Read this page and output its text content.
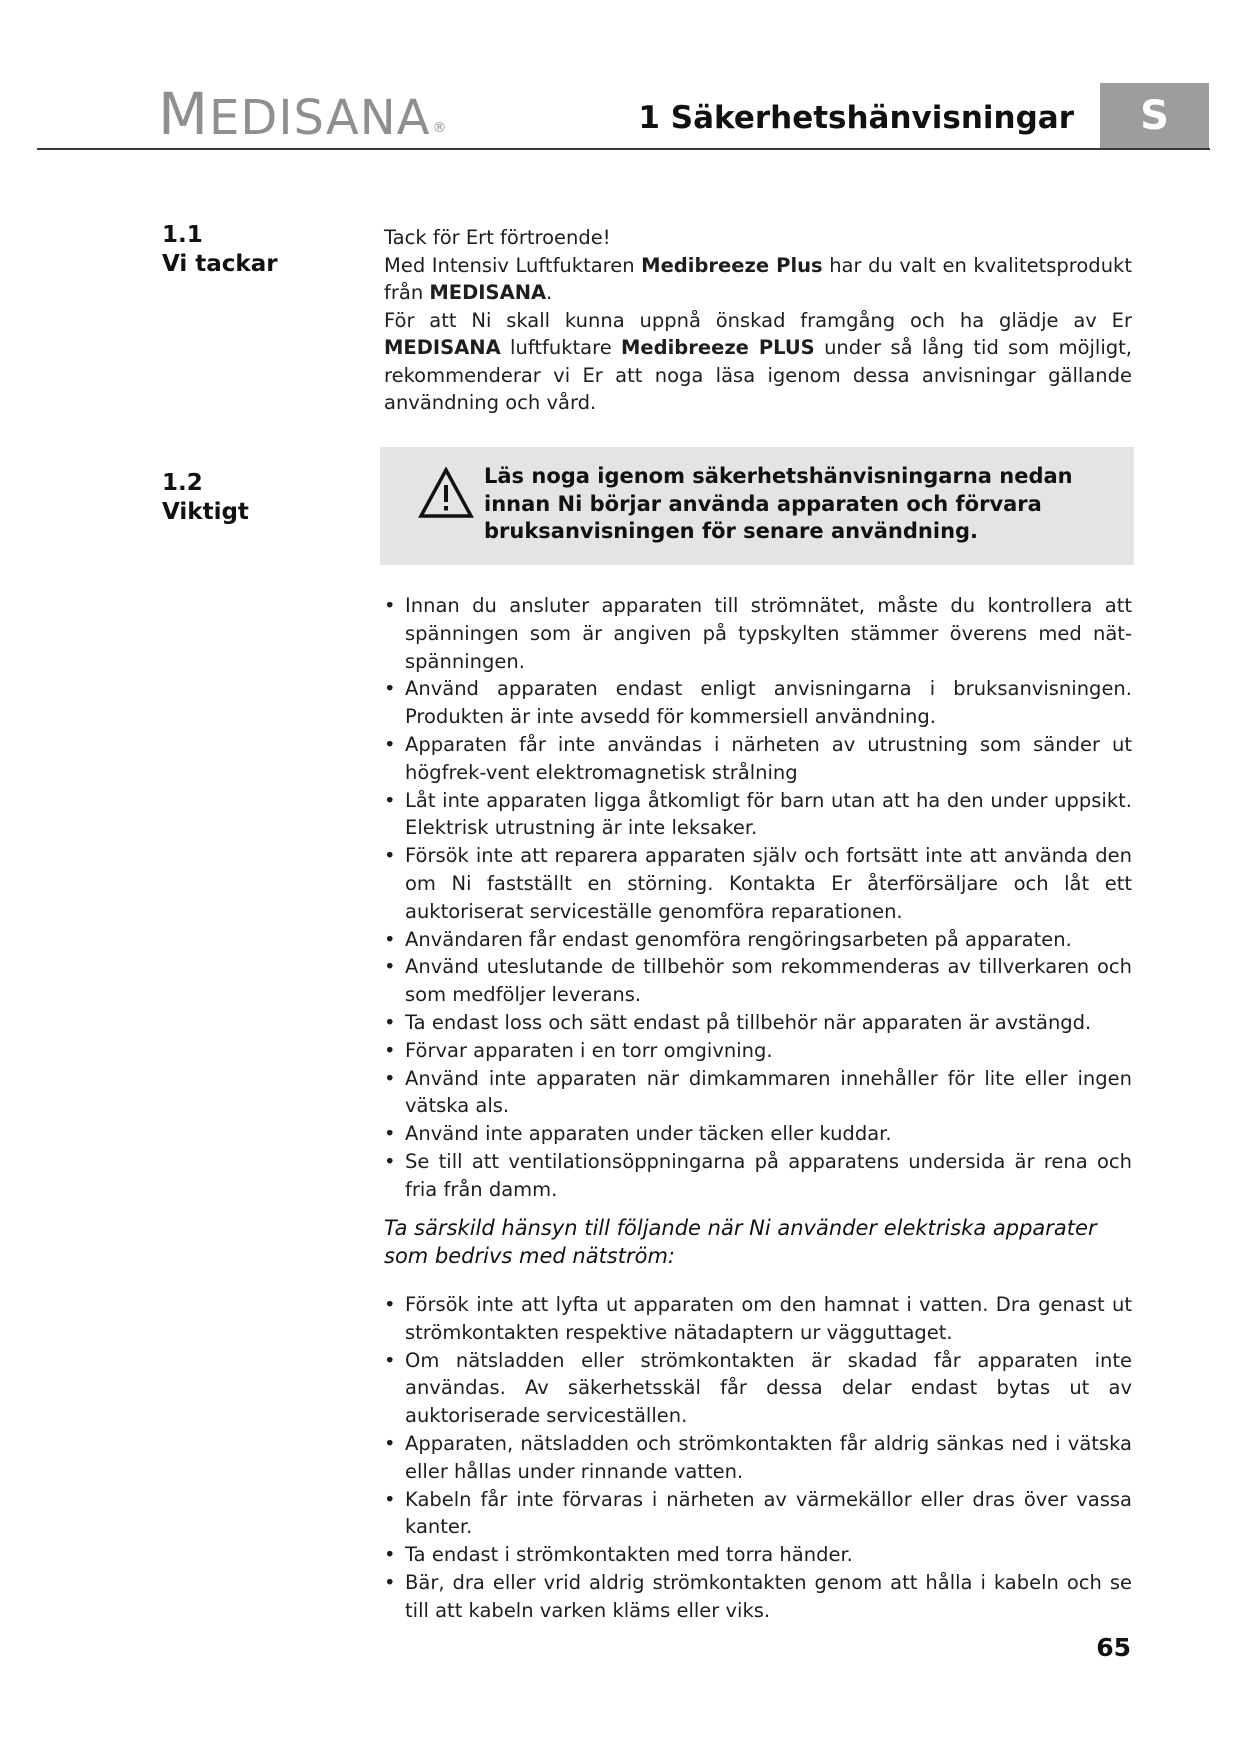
MEDISANA ®	1 Säkerhetshänvisningar	S
1.1
Vi tackar

Tack för Ert förtroende!

Med Intensiv Luftfuktaren Medibreeze Plus har du valt en kvalitetsprodukt från MEDISANA.

För att Ni skall kunna uppnå önskad framgång och ha glädje av Er MEDISANA luftfuktare Medibreeze PLUS under så lång tid som möjligt, rekommenderar vi Er att noga läsa igenom dessa anvisningar gällande användning och vård.

1.2
Viktigt
Läs noga igenom säkerhetshänvisningarna nedan innan Ni börjar använda apparaten och förvara bruksanvisningen för senare användning.
• Innan du ansluter apparaten till strömnätet, måste du kontrollera att spänningen som är angiven på typskylten stämmer överens med nät-spänningen.
• Använd apparaten endast enligt anvisningarna i bruksanvisningen. Produkten är inte avsedd för kommersiell användning.
• Apparaten får inte användas i närheten av utrustning som sänder ut högfrek-vent elektromagnetisk strålning
• Låt inte apparaten ligga åtkomligt för barn utan att ha den under uppsikt. Elektrisk utrustning är inte leksaker.
• Försök inte att reparera apparaten själv och fortsätt inte att använda den om Ni fastställt en störning. Kontakta Er återförsäljare och låt ett auktoriserat serviceställe genomföra reparationen.
• Användaren får endast genomföra rengöringsarbeten på apparaten.
• Använd uteslutande de tillbehör som rekommenderas av tillverkaren och som medföljer leverans.
• Ta endast loss och sätt endast på tillbehör när apparaten är avstängd.
• Förvar apparaten i en torr omgivning.
• Använd inte apparaten när dimkammaren innehåller för lite eller ingen vätska als.
• Använd inte apparaten under täcken eller kuddar.
• Se till att ventilationsöppningarna på apparatens undersida är rena och fria från damm.

Ta särskild hänsyn till följande när Ni använder elektriska apparater som bedrivs med nätström:

• Försök inte att lyfta ut apparaten om den hamnat i vatten. Dra genast ut strömkontakten respektive nätadaptern ur vägguttaget.
• Om nätsladden eller strömkontakten är skadad får apparaten inte användas. Av säkerhetsskäl får dessa delar endast bytas ut av auktoriserade serviceställen.
• Apparaten, nätsladden och strömkontakten får aldrig sänkas ned i vätska eller hållas under rinnande vatten.
• Kabeln får inte förvaras i närheten av värmekällor eller dras över vassa kanter.
• Ta endast i strömkontakten med torra händer.
• Bär, dra eller vrid aldrig strömkontakten genom att hålla i kabeln och se till att kabeln varken kläms eller viks.
65
